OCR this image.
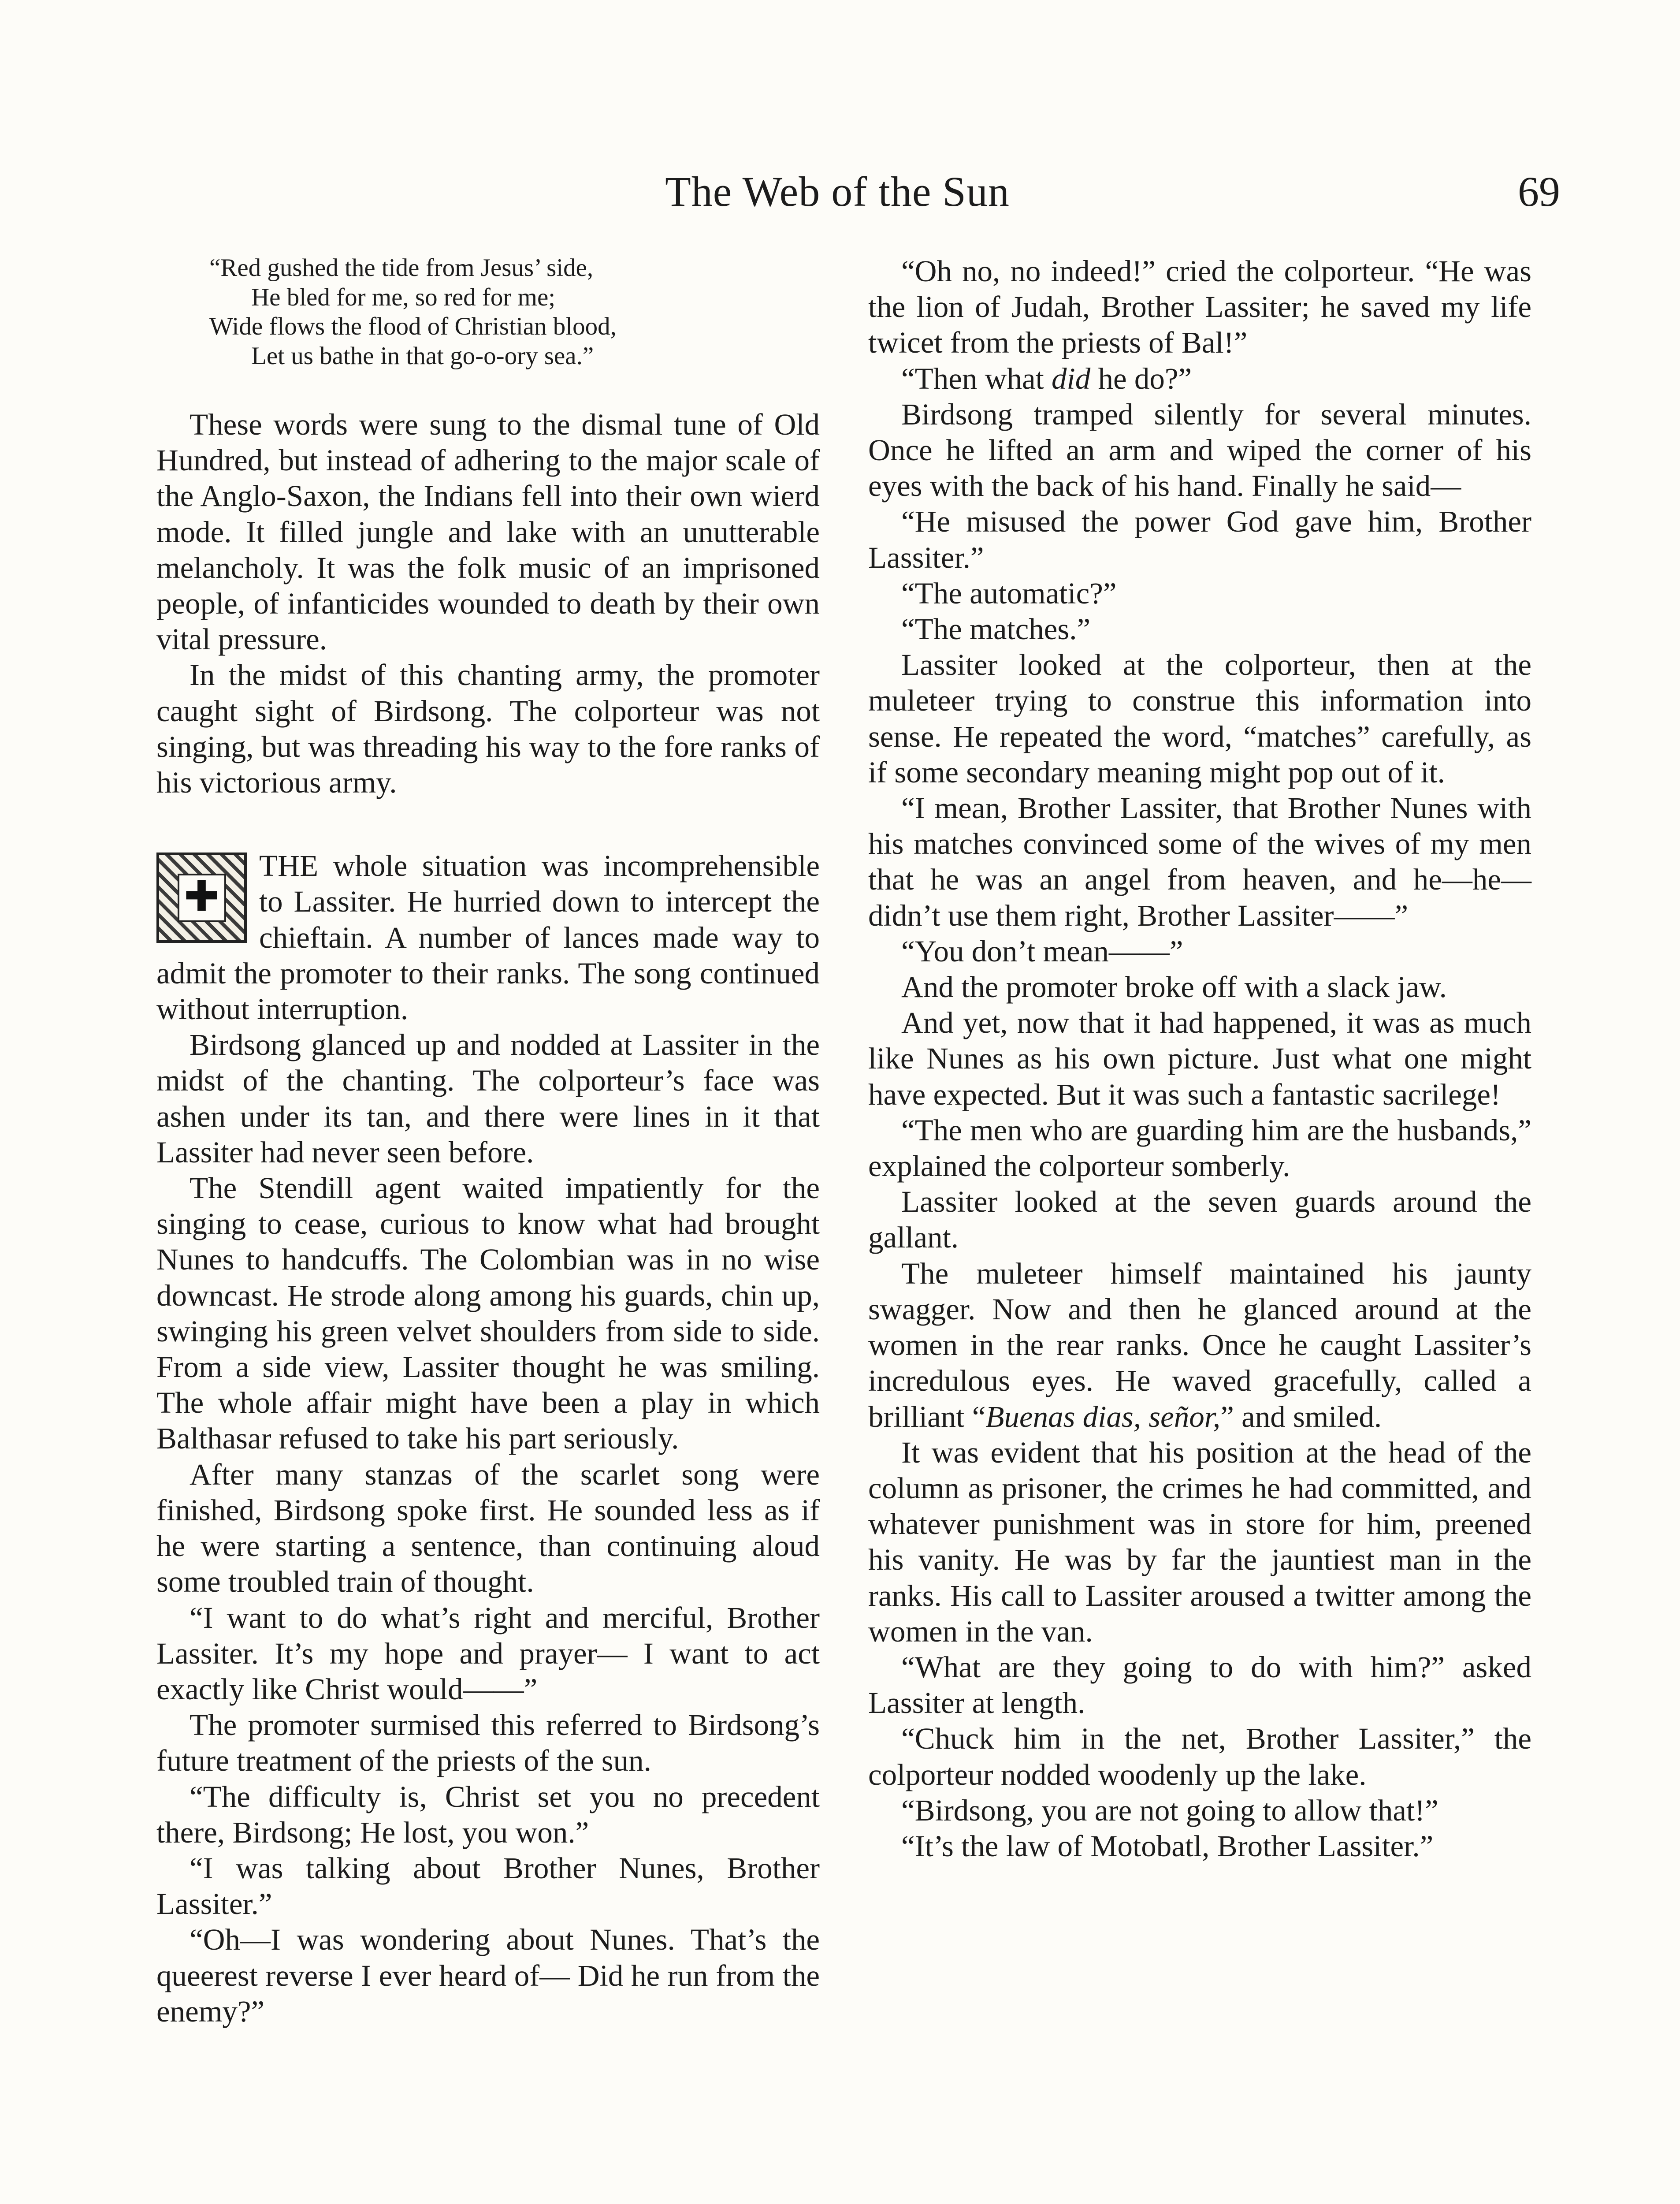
The Web of the Sun	69
“Red gushed the tide from Jesus’ side,
He bled for me, so red for me;
Wide flows the flood of Christian blood,
Let us bathe in that go-o-ory sea.”

These words were sung to the dismal tune of Old Hundred, but instead of adhering to the major scale of the Anglo-Saxon, the Indians fell into their own wierd mode. It filled jungle and lake with an unutterable melancholy. It was the folk music of an imprisoned people, of infanticides wounded to death by their own vital pressure.

In the midst of this chanting army, the promoter caught sight of Birdsong. The colporteur was not singing, but was threading his way to the fore ranks of his victorious army.

✚
THE whole situation was incomprehensible to Lassiter. He hurried down to intercept the chieftain. A number of lances made way to admit the promoter to their ranks. The song continued without interruption.

Birdsong glanced up and nodded at Lassiter in the midst of the chanting. The colporteur’s face was ashen under its tan, and there were lines in it that Lassiter had never seen before.

The Stendill agent waited impatiently for the singing to cease, curious to know what had brought Nunes to handcuffs. The Colombian was in no wise downcast. He strode along among his guards, chin up, swinging his green velvet shoulders from side to side. From a side view, Lassiter thought he was smiling. The whole affair might have been a play in which Balthasar refused to take his part seriously.

After many stanzas of the scarlet song were finished, Birdsong spoke first. He sounded less as if he were starting a sentence, than continuing aloud some troubled train of thought.

“I want to do what’s right and merciful, Brother Lassiter. It’s my hope and prayer— I want to act exactly like Christ would——”

The promoter surmised this referred to Birdsong’s future treatment of the priests of the sun.

“The difficulty is, Christ set you no precedent there, Birdsong; He lost, you won.”

“I was talking about Brother Nunes, Brother Lassiter.”

“Oh—I was wondering about Nunes. That’s the queerest reverse I ever heard of— Did he run from the enemy?”

“Oh no, no indeed!” cried the colporteur. “He was the lion of Judah, Brother Lassiter; he saved my life twicet from the priests of Bal!”

“Then what did he do?”

Birdsong tramped silently for several minutes. Once he lifted an arm and wiped the corner of his eyes with the back of his hand. Finally he said—

“He misused the power God gave him, Brother Lassiter.”

“The automatic?”

“The matches.”

Lassiter looked at the colporteur, then at the muleteer trying to construe this information into sense. He repeated the word, “matches” carefully, as if some secondary meaning might pop out of it.

“I mean, Brother Lassiter, that Brother Nunes with his matches convinced some of the wives of my men that he was an angel from heaven, and he—he—didn’t use them right, Brother Lassiter——”

“You don’t mean——”

And the promoter broke off with a slack jaw.

And yet, now that it had happened, it was as much like Nunes as his own picture. Just what one might have expected. But it was such a fantastic sacrilege!

“The men who are guarding him are the husbands,” explained the colporteur somberly.

Lassiter looked at the seven guards around the gallant.

The muleteer himself maintained his jaunty swagger. Now and then he glanced around at the women in the rear ranks. Once he caught Lassiter’s incredulous eyes. He waved gracefully, called a brilliant “Buenas dias, señor,” and smiled.

It was evident that his position at the head of the column as prisoner, the crimes he had committed, and whatever punishment was in store for him, preened his vanity. He was by far the jauntiest man in the ranks. His call to Lassiter aroused a twitter among the women in the van.

“What are they going to do with him?” asked Lassiter at length.

“Chuck him in the net, Brother Lassiter,” the colporteur nodded woodenly up the lake.

“Birdsong, you are not going to allow that!”

“It’s the law of Motobatl, Brother Lassiter.”
